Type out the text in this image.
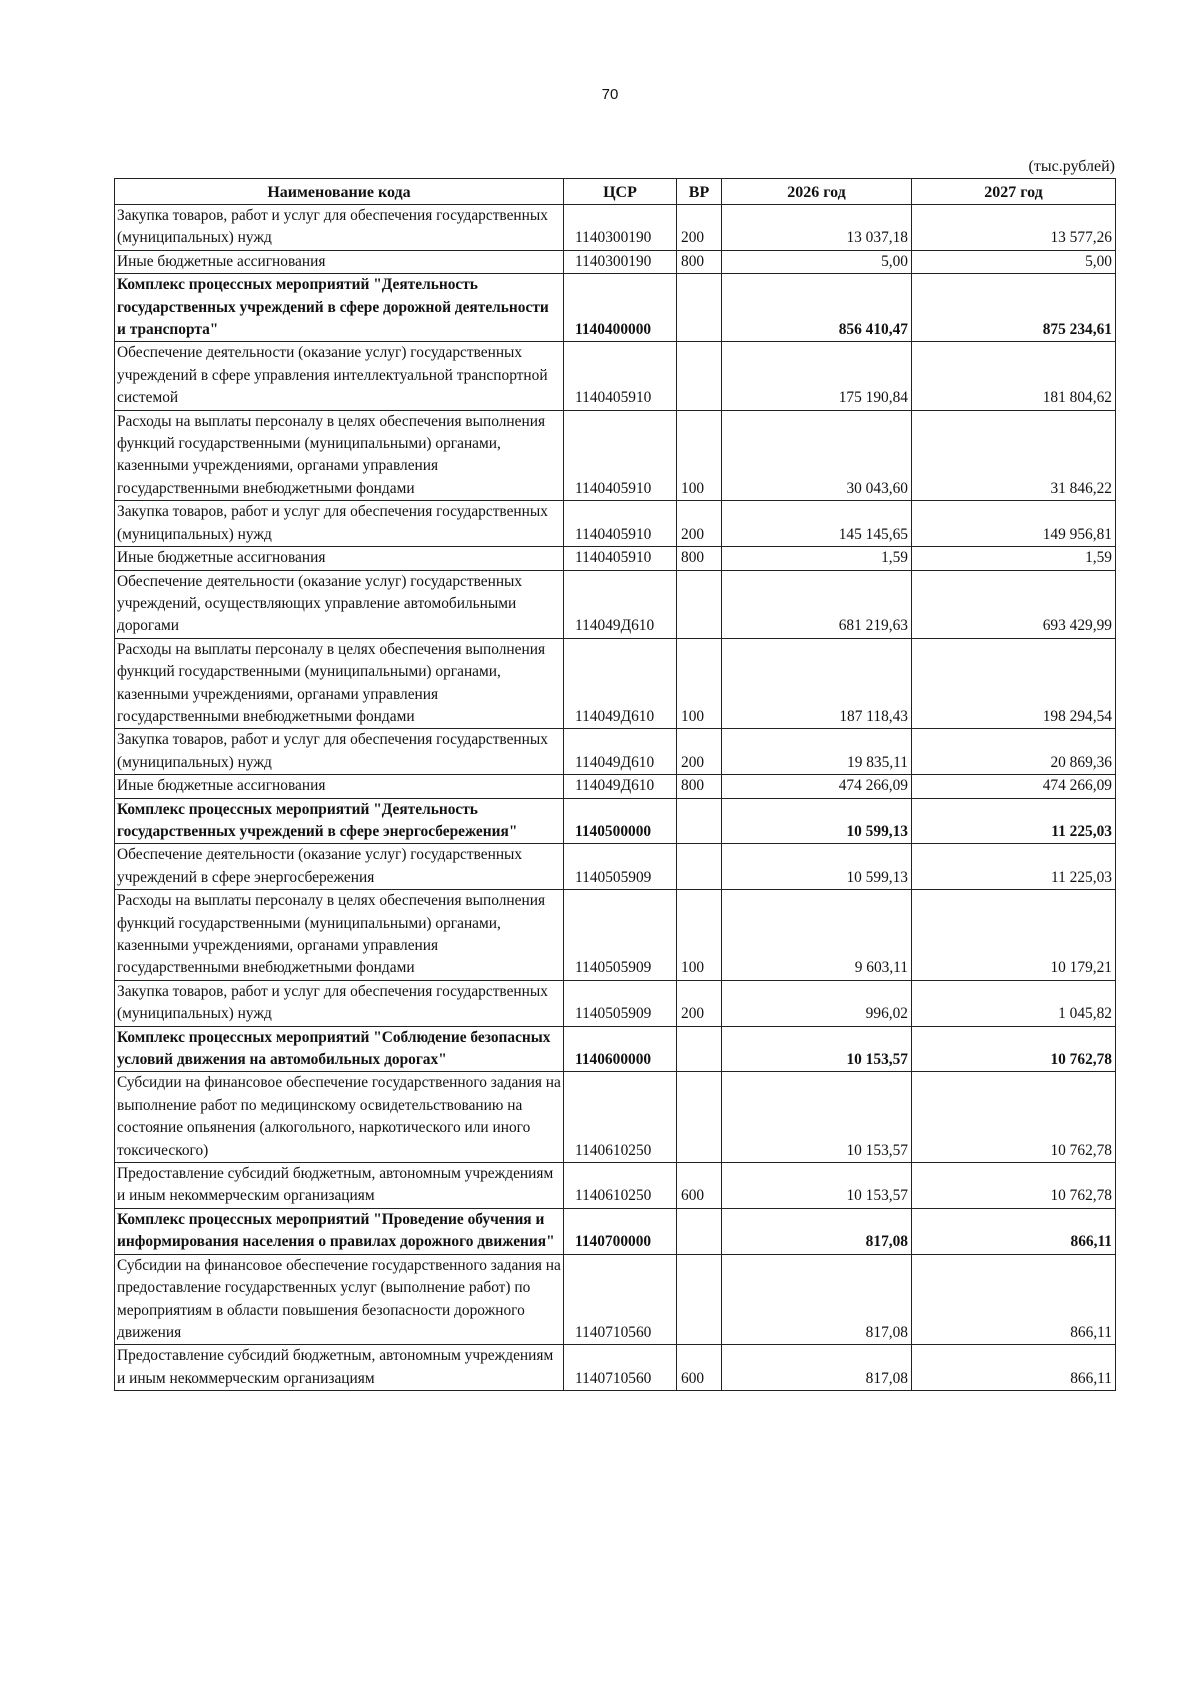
70
(тыс.рублей)
Наименование кода	ЦСР	ВР	2026 год	2027 год
Закупка товаров, работ и услуг для обеспечения государственных (муниципальных) нужд	1140300190	200	13 037,18	13 577,26
Иные бюджетные ассигнования	1140300190	800	5,00	5,00
Комплекс процессных мероприятий "Деятельность государственных учреждений в сфере дорожной деятельности и транспорта"	1140400000		856 410,47	875 234,61
Обеспечение деятельности (оказание услуг) государственных учреждений в сфере управления интеллектуальной транспортной системой	1140405910		175 190,84	181 804,62
Расходы на выплаты персоналу в целях обеспечения выполнения функций государственными (муниципальными) органами, казенными учреждениями, органами управления государственными внебюджетными фондами	1140405910	100	30 043,60	31 846,22
Закупка товаров, работ и услуг для обеспечения государственных (муниципальных) нужд	1140405910	200	145 145,65	149 956,81
Иные бюджетные ассигнования	1140405910	800	1,59	1,59
Обеспечение деятельности (оказание услуг) государственных учреждений, осуществляющих управление автомобильными дорогами	114049Д610		681 219,63	693 429,99
Расходы на выплаты персоналу в целях обеспечения выполнения функций государственными (муниципальными) органами, казенными учреждениями, органами управления государственными внебюджетными фондами	114049Д610	100	187 118,43	198 294,54
Закупка товаров, работ и услуг для обеспечения государственных (муниципальных) нужд	114049Д610	200	19 835,11	20 869,36
Иные бюджетные ассигнования	114049Д610	800	474 266,09	474 266,09
Комплекс процессных мероприятий "Деятельность государственных учреждений в сфере энергосбережения"	1140500000		10 599,13	11 225,03
Обеспечение деятельности (оказание услуг) государственных учреждений в сфере энергосбережения	1140505909		10 599,13	11 225,03
Расходы на выплаты персоналу в целях обеспечения выполнения функций государственными (муниципальными) органами, казенными учреждениями, органами управления государственными внебюджетными фондами	1140505909	100	9 603,11	10 179,21
Закупка товаров, работ и услуг для обеспечения государственных (муниципальных) нужд	1140505909	200	996,02	1 045,82
Комплекс процессных мероприятий "Соблюдение безопасных условий движения на автомобильных дорогах"	1140600000		10 153,57	10 762,78
Субсидии на финансовое обеспечение государственного задания на выполнение работ по медицинскому освидетельствованию на состояние опьянения (алкогольного, наркотического или иного токсического)	1140610250		10 153,57	10 762,78
Предоставление субсидий бюджетным, автономным учреждениям и иным некоммерческим организациям	1140610250	600	10 153,57	10 762,78
Комплекс процессных мероприятий "Проведение обучения и информирования населения о правилах дорожного движения"	1140700000		817,08	866,11
Субсидии на финансовое обеспечение государственного задания на предоставление государственных услуг (выполнение работ) по мероприятиям в области повышения безопасности дорожного движения	1140710560		817,08	866,11
Предоставление субсидий бюджетным, автономным учреждениям и иным некоммерческим организациям	1140710560	600	817,08	866,11
